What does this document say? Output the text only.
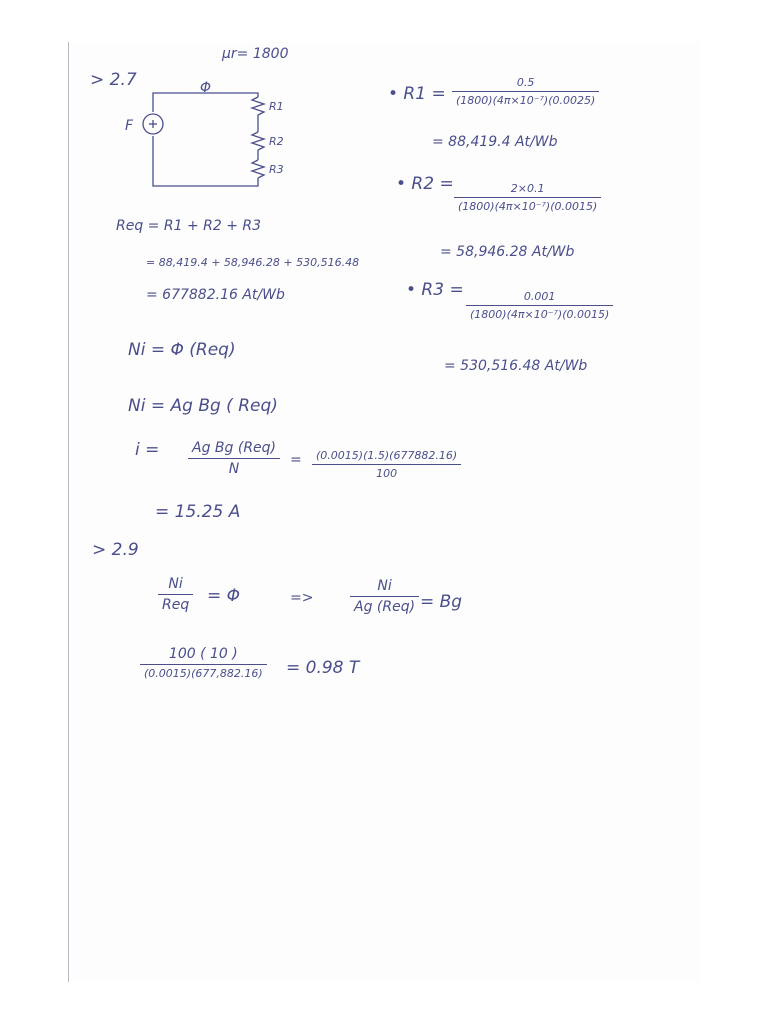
μr= 1800
> 2.7	Φ
F
R1
R2
R3
Req = R1 + R2 + R3
= 88,419.4 + 58,946.28 + 530,516.48
= 677882.16 At/Wb
Ni = Φ (Req)
Ni = Ag Bg ( Req)
i = Ag Bg (Req)
N
=	(0.0015)(1.5)(677882.16)
100
= 15.25 A
• R1 =
0.5
(1800)(4π×10⁻⁷)(0.0025)
= 88,419.4 At/Wb
• R2 =	2×0.1
(1800)(4π×10⁻⁷)(0.0015)
= 58,946.28 At/Wb
• R3 =	0.001
(1800)(4π×10⁻⁷)(0.0015)
= 530,516.48 At/Wb
> 2.9
Ni
Req = Φ	=>
Ni
Ag (Req) = Bg
100 ( 10 )
(0.0015)(677,882.16) = 0.98 T
